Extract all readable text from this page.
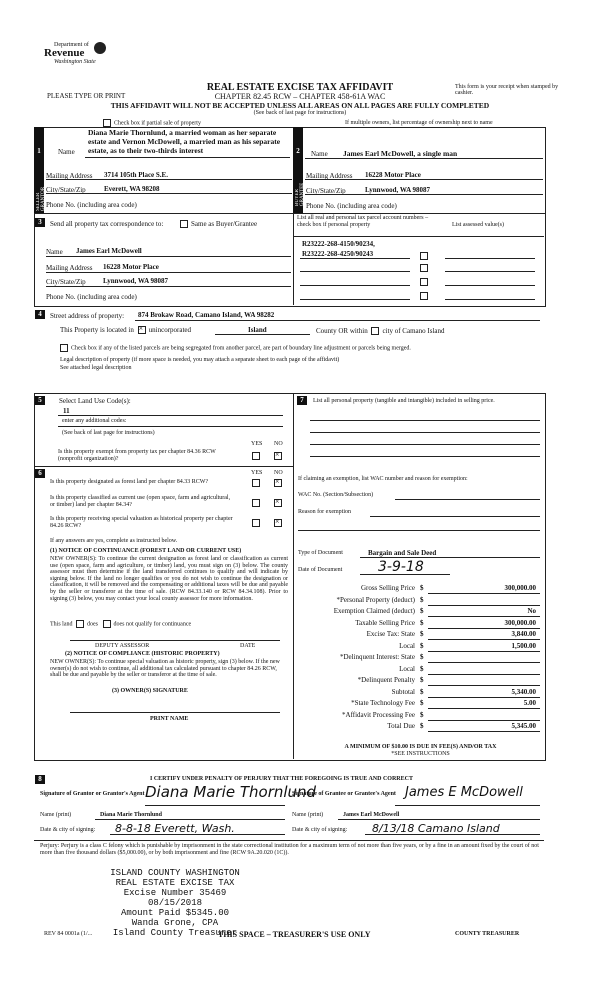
Department of
Revenue
Washington State
REAL ESTATE EXCISE TAX AFFIDAVIT
PLEASE TYPE OR PRINT	CHAPTER 82.45 RCW – CHAPTER 458-61A WAC
This form is your receipt when stamped by cashier.
THIS AFFIDAVIT WILL NOT BE ACCEPTED UNLESS ALL AREAS ON ALL PAGES ARE FULLY COMPLETED
(See back of last page for instructions)
Check box if partial sale of property	If multiple owners, list percentage of ownership next to name
1
SELLER GRANTOR
2
BUYER GRANTEE
Name
Diana Marie Thornlund, a married woman as her separate estate and Vernon McDowell, a married man as his separate estate, as to their two-thirds interest
Mailing Address 3714 105th Place S.E.
City/State/Zip	Everett, WA 98208
Phone No. (including area code)
Name James Earl McDowell, a single man
Mailing Address 16228 Motor Place
City/State/Zip	Lynnwood, WA 98087
Phone No. (including area code)
3	Send all property tax correspondence to:	Same as Buyer/Grantee
Name James Earl McDowell
Mailing Address 16228 Motor Place
City/State/Zip Lynnwood, WA 98087
Phone No. (including area code)
List all real and personal tax parcel account numbers – check box if personal property	List assessed value(s)
R23222-268-4150/90234,
R23222-268-4250/90243
4	Street address of property: 874 Brokaw Road, Camano Island, WA 98282
This Property is located in × unincorporated	Island	County OR within city of Camano Island
Check box if any of the listed parcels are being segregated from another parcel, are part of boundary line adjustment or parcels being merged.
Legal description of property (if more space is needed, you may attach a separate sheet to each page of the affidavit)
See attached legal description
5	Select Land Use Code(s):
11
enter any additional codes:
(See back of last page for instructions)
YES NO
Is this property exempt from property tax per chapter 84.36 RCW (nonprofit organization)?
×
6	YES NO
Is this property designated as forest land per chapter 84.33 RCW?
×
Is this property classified as current use (open space, farm and agricultural, or timber) land per chapter 84.34?
×
Is this property receiving special valuation as historical property per chapter 84.26 RCW?
×
If any answers are yes, complete as instructed below.
(1) NOTICE OF CONTINUANCE (FOREST LAND OR CURRENT USE)
NEW OWNER(S): To continue the current designation as forest land or classification as current use (open space, farm and agriculture, or timber) land, you must sign on (3) below. The county assessor must then determine if the land transferred continues to qualify and will indicate by signing below. If the land no longer qualifies or you do not wish to continue the designation or classification, it will be removed and the compensating or additional taxes will be due and payable by the seller or transferor at the time of sale. (RCW 84.33.140 or RCW 84.34.108). Prior to signing (3) below, you may contact your local county assessor for more information.
This land does	does not qualify for continuance
DEPUTY ASSESSOR	DATE
(2) NOTICE OF COMPLIANCE (HISTORIC PROPERTY)
NEW OWNER(S): To continue special valuation as historic property, sign (3) below. If the new owner(s) do not wish to continue, all additional tax calculated pursuant to chapter 84.26 RCW, shall be due and payable by the seller or transferor at the time of sale.
(3) OWNER(S) SIGNATURE
PRINT NAME
7	List all personal property (tangible and intangible) included in selling price.
If claiming an exemption, list WAC number and reason for exemption:
WAC No. (Section/Subsection)
Reason for exemption
Type of Document	Bargain and Sale Deed
Date of Document	3-9-18
Gross Selling Price $	300,000.00
*Personal Property (deduct) $
Exemption Claimed (deduct) $	No
Taxable Selling Price $	300,000.00
Excise Tax: State $	3,840.00
Local $	1,500.00
*Delinquent Interest: State $
Local $
*Delinquent Penalty $
Subtotal $	5,340.00
*State Technology Fee $	5.00
*Affidavit Processing Fee $
Total Due $	5,345.00
A MINIMUM OF $10.00 IS DUE IN FEE(S) AND/OR TAX
*SEE INSTRUCTIONS
8	I CERTIFY UNDER PENALTY OF PERJURY THAT THE FOREGOING IS TRUE AND CORRECT
Signature of Grantor or Grantor's Agent Diana Marie Thornlund
Signature of Grantee or Grantee's Agent James E McDowell
Name (print)	Diana Marie Thornlund	Name (print)	James Earl McDowell
Date & city of signing: 8-8-18 Everett, Wash.	Date & city of signing: 8/13/18 Camano Island
Perjury: Perjury is a class C felony which is punishable by imprisonment in the state correctional institution for a maximum term of not more than five years, or by a fine in an amount fixed by the court of not more than five thousand dollars ($5,000.00), or by both imprisonment and fine (RCW 9A.20.020 (1C)).
ISLAND COUNTY WASHINGTON
REAL ESTATE EXCISE TAX
Excise Number 35469
08/15/2018
Amount Paid $5345.00
Wanda Grone, CPA
Island County Treasurer
REV 84 0001a (1/...	THIS SPACE – TREASURER'S USE ONLY	COUNTY TREASURER
